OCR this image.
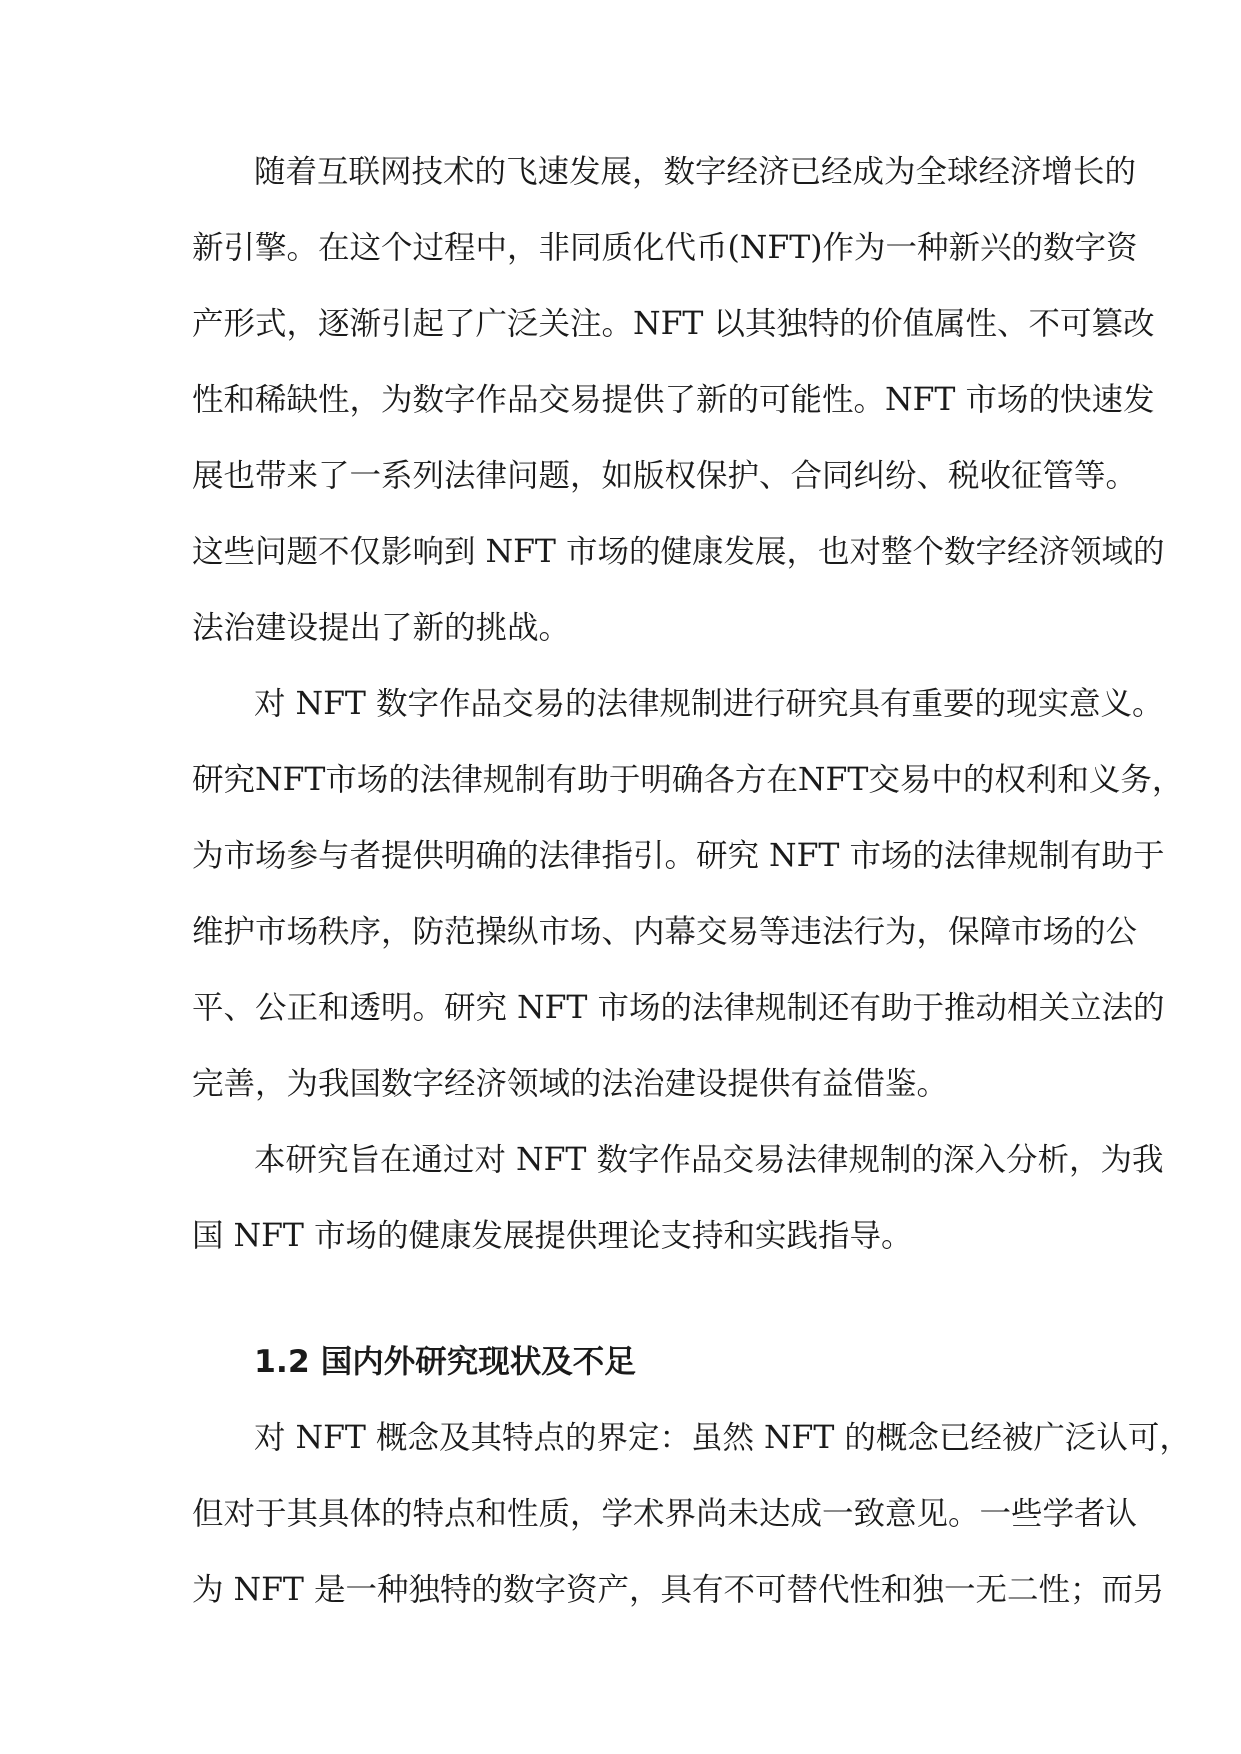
随着互联网技术的飞速发展，数字经济已经成为全球经济增长的
新引擎。在这个过程中，非同质化代币(NFT)作为一种新兴的数字资
产形式，逐渐引起了广泛关注。NFT 以其独特的价值属性、不可篡改
性和稀缺性，为数字作品交易提供了新的可能性。NFT 市场的快速发
展也带来了一系列法律问题，如版权保护、合同纠纷、税收征管等。
这些问题不仅影响到 NFT 市场的健康发展，也对整个数字经济领域的
法治建设提出了新的挑战。
对 NFT 数字作品交易的法律规制进行研究具有重要的现实意义。
研究NFT市场的法律规制有助于明确各方在NFT交易中的权利和义务，
为市场参与者提供明确的法律指引。研究 NFT 市场的法律规制有助于
维护市场秩序，防范操纵市场、内幕交易等违法行为，保障市场的公
平、公正和透明。研究 NFT 市场的法律规制还有助于推动相关立法的
完善，为我国数字经济领域的法治建设提供有益借鉴。
本研究旨在通过对 NFT 数字作品交易法律规制的深入分析，为我
国 NFT 市场的健康发展提供理论支持和实践指导。
1.2 国内外研究现状及不足
对 NFT 概念及其特点的界定：虽然 NFT 的概念已经被广泛认可，
但对于其具体的特点和性质，学术界尚未达成一致意见。一些学者认
为 NFT 是一种独特的数字资产，具有不可替代性和独一无二性；而另
